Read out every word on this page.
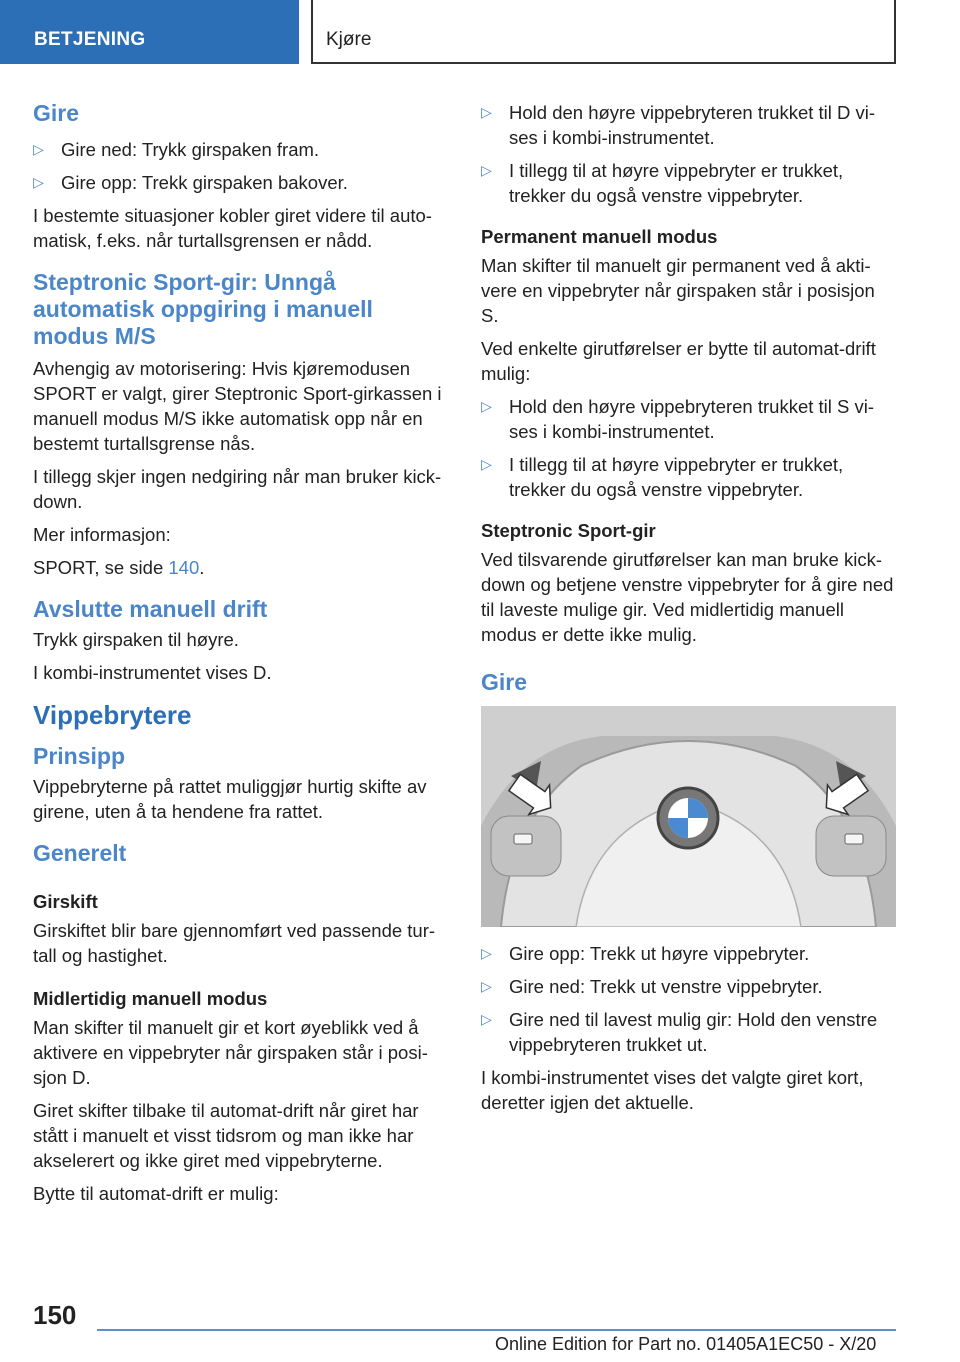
BETJENING	Kjøre
Gire
▷ Gire ned: Trykk girspaken fram.
▷ Gire opp: Trekk girspaken bakover.

I bestemte situasjoner kobler giret videre til auto-matisk, f.eks. når turtallsgrensen er nådd.

Steptronic Sport-gir: Unngå
automatisk oppgiring i manuell
modus M/S

Avhengig av motorisering: Hvis kjøremodusen SPORT er valgt, girer Steptronic Sport-girkassen i manuell modus M/S ikke automatisk opp når en bestemt turtallsgrense nås.

I tillegg skjer ingen nedgiring når man bruker kick-down.

Mer informasjon:

SPORT, se side 140.

Avslutte manuell drift

Trykk girspaken til høyre.

I kombi-instrumentet vises D.

Vippebrytere
Prinsipp

Vippebryterne på rattet muliggjør hurtig skifte av girene, uten å ta hendene fra rattet.

Generelt
Girskift

Girskiftet blir bare gjennomført ved passende tur-tall og hastighet.

Midlertidig manuell modus

Man skifter til manuelt gir et kort øyeblikk ved å aktivere en vippebryter når girspaken står i posi-sjon D.

Giret skifter tilbake til automat-drift når giret har stått i manuelt et visst tidsrom og man ikke har akselerert og ikke giret med vippebryterne.

Bytte til automat-drift er mulig:

▷ Hold den høyre vippebryteren trukket til D vi-ses i kombi-instrumentet.
▷ I tillegg til at høyre vippebryter er trukket, trekker du også venstre vippebryter.
Permanent manuell modus

Man skifter til manuelt gir permanent ved å akti-vere en vippebryter når girspaken står i posisjon S.

Ved enkelte girutførelser er bytte til automat-drift mulig:

▷ Hold den høyre vippebryteren trukket til S vi-ses i kombi-instrumentet.
▷ I tillegg til at høyre vippebryter er trukket, trekker du også venstre vippebryter.
Steptronic Sport-gir

Ved tilsvarende girutførelser kan man bruke kick-down og betjene venstre vippebryter for å gire ned til laveste mulige gir. Ved midlertidig manuell modus er dette ikke mulig.

Gire
▷ Gire opp: Trekk ut høyre vippebryter.
▷ Gire ned: Trekk ut venstre vippebryter.
▷ Gire ned til lavest mulig gir: Hold den venstre vippebryteren trukket ut.

I kombi-instrumentet vises det valgte giret kort, deretter igjen det aktuelle.

150
Online Edition for Part no. 01405A1EC50 - X/20
